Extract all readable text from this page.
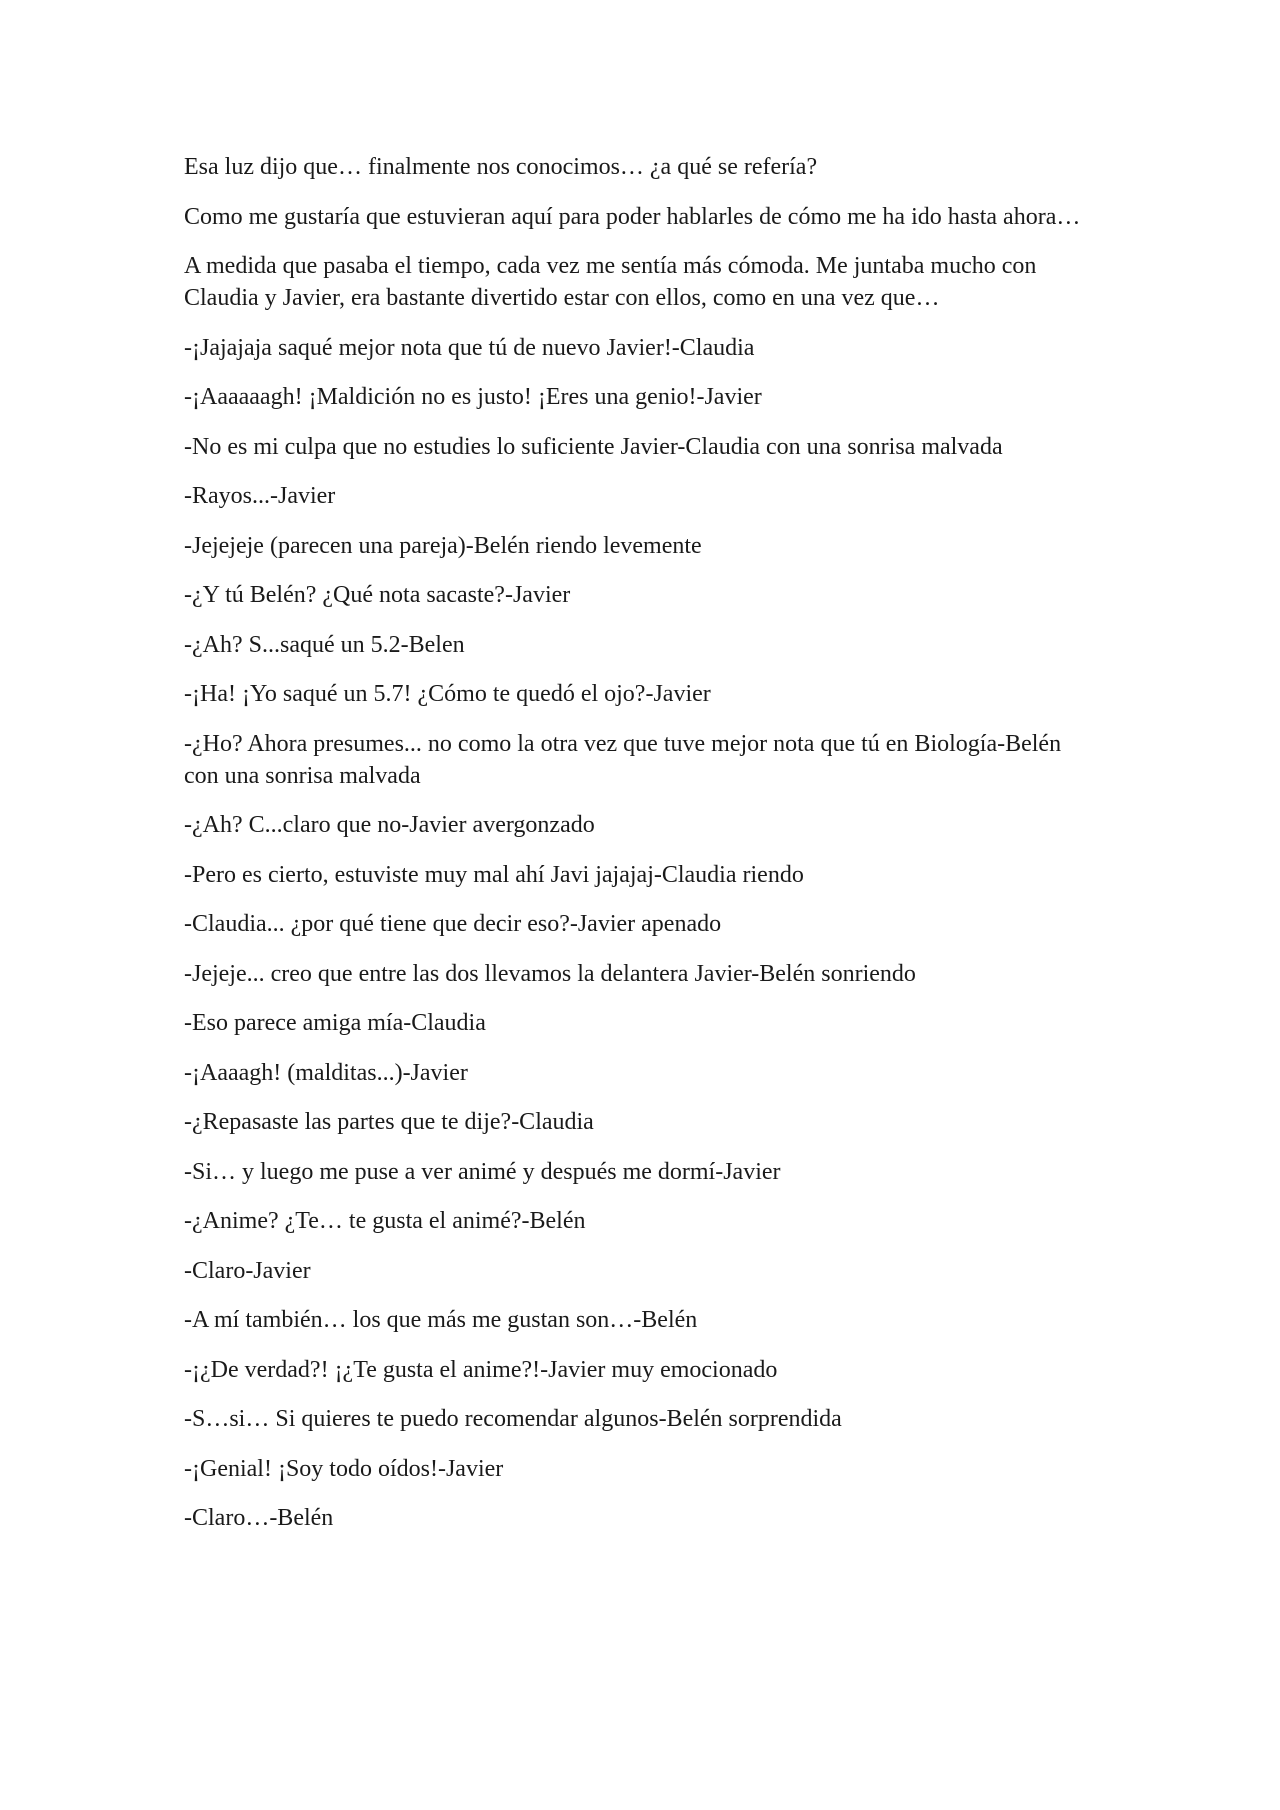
Esa luz dijo que… finalmente nos conocimos… ¿a qué se refería?

Como me gustaría que estuvieran aquí para poder hablarles de cómo me ha ido hasta ahora…

A medida que pasaba el tiempo, cada vez me sentía más cómoda. Me juntaba mucho con Claudia y Javier, era bastante divertido estar con ellos, como en una vez que…

-¡Jajajaja saqué mejor nota que tú de nuevo Javier!-Claudia

-¡Aaaaaagh! ¡Maldición no es justo! ¡Eres una genio!-Javier

-No es mi culpa que no estudies lo suficiente Javier-Claudia con una sonrisa malvada

-Rayos...-Javier

-Jejejeje (parecen una pareja)-Belén riendo levemente

-¿Y tú Belén? ¿Qué nota sacaste?-Javier

-¿Ah? S...saqué un 5.2-Belen

-¡Ha! ¡Yo saqué un 5.7! ¿Cómo te quedó el ojo?-Javier

-¿Ho? Ahora presumes... no como la otra vez que tuve mejor nota que tú en Biología-Belén con una sonrisa malvada

-¿Ah? C...claro que no-Javier avergonzado

-Pero es cierto, estuviste muy mal ahí Javi jajajaj-Claudia riendo

-Claudia... ¿por qué tiene que decir eso?-Javier apenado

-Jejeje... creo que entre las dos llevamos la delantera Javier-Belén sonriendo

-Eso parece amiga mía-Claudia

-¡Aaaagh! (malditas...)-Javier

-¿Repasaste las partes que te dije?-Claudia

-Si… y luego me puse a ver animé y después me dormí-Javier

-¿Anime? ¿Te… te gusta el animé?-Belén

-Claro-Javier

-A mí también… los que más me gustan son…-Belén

-¡¿De verdad?! ¡¿Te gusta el anime?!-Javier muy emocionado

-S…si… Si quieres te puedo recomendar algunos-Belén sorprendida

-¡Genial! ¡Soy todo oídos!-Javier

-Claro…-Belén
